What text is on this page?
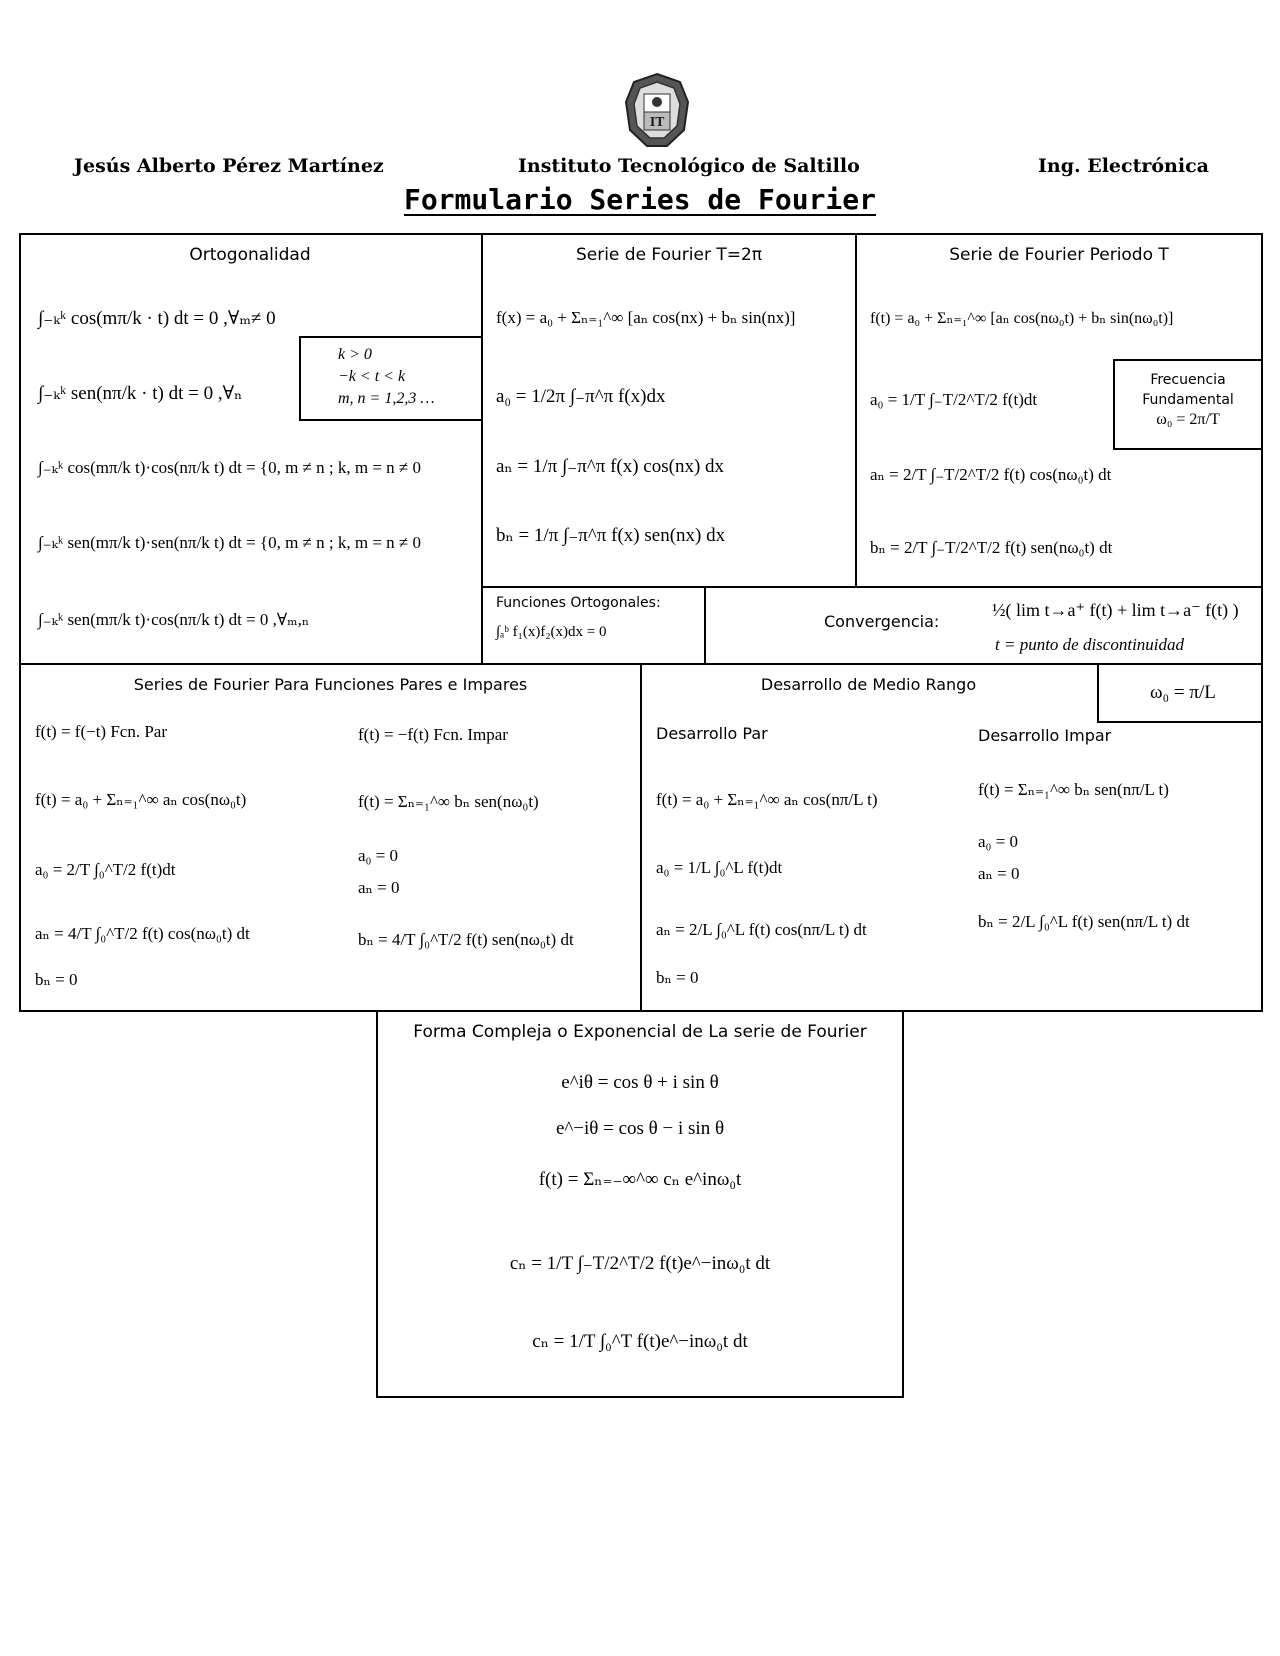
IT
Jesús Alberto Pérez Martínez	Instituto Tecnológico de Saltillo	Ing. Electrónica
Formulario Series de Fourier
Ortogonalidad
∫₋ₖᵏ cos(mπ/k · t) dt = 0 ,∀ₘ≠ 0
∫₋ₖᵏ sen(nπ/k · t) dt = 0 ,∀ₙ
∫₋ₖᵏ cos(mπ/k t)·cos(nπ/k t) dt = {0, m ≠ n ; k, m = n ≠ 0
∫₋ₖᵏ sen(mπ/k t)·sen(nπ/k t) dt = {0, m ≠ n ; k, m = n ≠ 0
∫₋ₖᵏ sen(mπ/k t)·cos(nπ/k t) dt = 0 ,∀ₘ,ₙ
k > 0
−k < t < k
m, n = 1,2,3 …
Serie de Fourier T=2π
f(x) = a₀ + Σₙ₌₁^∞ [aₙ cos(nx) + bₙ sin(nx)]
a₀ = 1/2π ∫₋π^π f(x)dx
aₙ = 1/π ∫₋π^π f(x) cos(nx) dx
bₙ = 1/π ∫₋π^π f(x) sen(nx) dx
Serie de Fourier Periodo T
f(t) = a₀ + Σₙ₌₁^∞ [aₙ cos(nω₀t) + bₙ sin(nω₀t)]
a₀ = 1/T ∫₋T/2^T/2 f(t)dt
aₙ = 2/T ∫₋T/2^T/2 f(t) cos(nω₀t) dt
bₙ = 2/T ∫₋T/2^T/2 f(t) sen(nω₀t) dt
Frecuencia
Fundamental
ω₀ = 2π/T
Funciones Ortogonales:
∫ₐᵇ f₁(x)f₂(x)dx = 0
Convergencia:
½( lim t→a⁺ f(t) + lim t→a⁻ f(t) )
t = punto de discontinuidad
Series de Fourier Para Funciones Pares e Impares
f(t) = f(−t) Fcn. Par
f(t) = a₀ + Σₙ₌₁^∞ aₙ cos(nω₀t)
a₀ = 2/T ∫₀^T/2 f(t)dt
aₙ = 4/T ∫₀^T/2 f(t) cos(nω₀t) dt
bₙ = 0
f(t) = −f(t) Fcn. Impar
f(t) = Σₙ₌₁^∞ bₙ sen(nω₀t)
a₀ = 0
aₙ = 0
bₙ = 4/T ∫₀^T/2 f(t) sen(nω₀t) dt
Desarrollo de Medio Rango	ω₀ = π/L
Desarrollo Par
f(t) = a₀ + Σₙ₌₁^∞ aₙ cos(nπ/L t)
a₀ = 1/L ∫₀^L f(t)dt
aₙ = 2/L ∫₀^L f(t) cos(nπ/L t) dt
bₙ = 0
Desarrollo Impar
f(t) = Σₙ₌₁^∞ bₙ sen(nπ/L t)
a₀ = 0
aₙ = 0
bₙ = 2/L ∫₀^L f(t) sen(nπ/L t) dt
Forma Compleja o Exponencial de La serie de Fourier
e^iθ = cos θ + i sin θ
e^−iθ = cos θ − i sin θ
f(t) = Σₙ₌₋∞^∞ cₙ e^inω₀t
cₙ = 1/T ∫₋T/2^T/2 f(t)e^−inω₀t dt
cₙ = 1/T ∫₀^T f(t)e^−inω₀t dt
